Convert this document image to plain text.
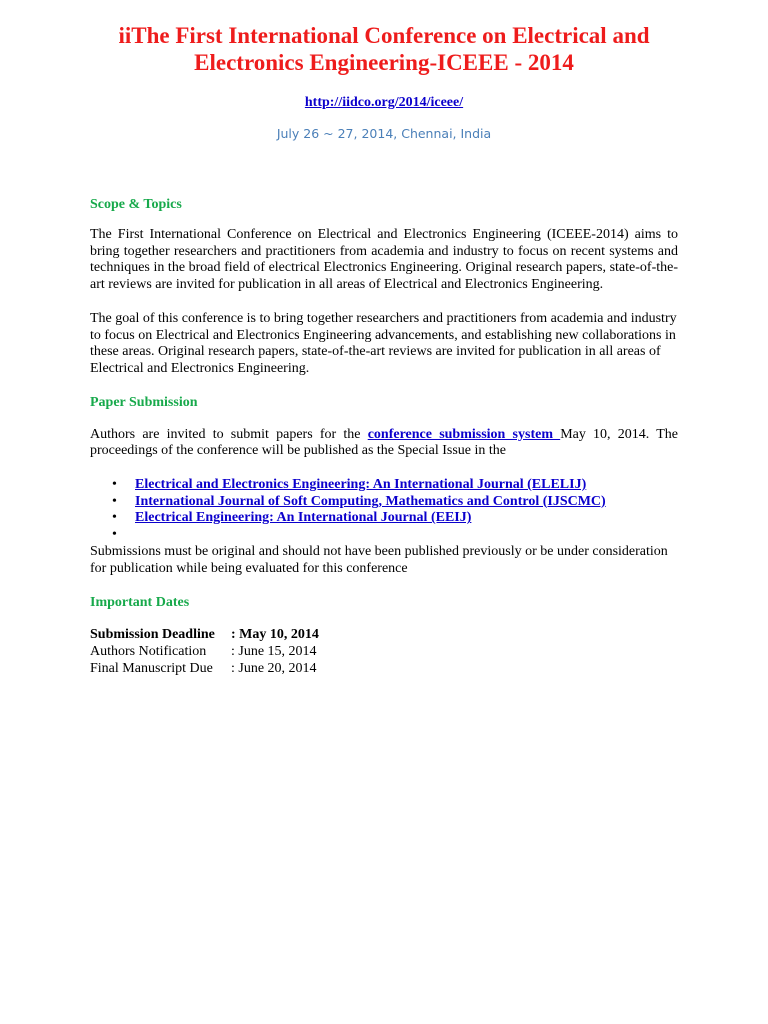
iiThe First International Conference on Electrical and
Electronics Engineering-ICEEE - 2014
http://iidco.org/2014/iceee/
July 26 ~ 27, 2014, Chennai, India
Scope & Topics

The First International Conference on Electrical and Electronics Engineering (ICEEE-2014) aims to bring together researchers and practitioners from academia and industry to focus on recent systems and techniques in the broad field of electrical Electronics Engineering. Original research papers, state-of-the-art reviews are invited for publication in all areas of Electrical and Electronics Engineering.

The goal of this conference is to bring together researchers and practitioners from academia and industry to focus on Electrical and Electronics Engineering advancements, and establishing new collaborations in these areas. Original research papers, state-of-the-art reviews are invited for publication in all areas of Electrical and Electronics Engineering.

Paper Submission

Authors are invited to submit papers for the conference submission system May 10, 2014. The proceedings of the conference will be published as the Special Issue in the

• Electrical and Electronics Engineering: An International Journal (ELELIJ)
• International Journal of Soft Computing, Mathematics and Control (IJSCMC)
• Electrical Engineering: An International Journal (EEIJ)
•

Submissions must be original and should not have been published previously or be under consideration for publication while being evaluated for this conference

Important Dates
Submission Deadline	: May 10, 2014
Authors Notification	: June 15, 2014
Final Manuscript Due	: June 20, 2014
